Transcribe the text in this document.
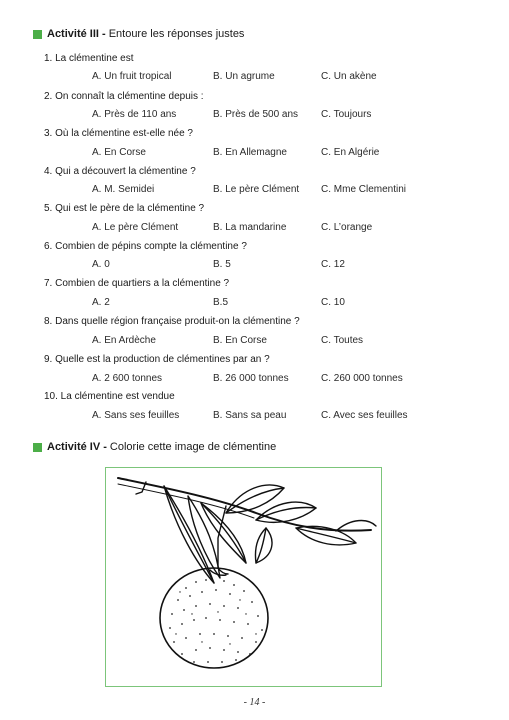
Activité III - Entoure les réponses justes
1. La clémentine est
A. Un fruit tropical	B. Un agrume	C. Un akène
2. On connaît la clémentine depuis :
A. Près de 110 ans	B. Près de 500 ans C. Toujours
3. Où la clémentine est-elle née ?
A. En Corse	B. En Allemagne	C. En Algérie
4. Qui a découvert la clémentine ?
A. M. Semidei	B. Le père Clément C. Mme Clementini
5. Qui est le père de la clémentine ?
A. Le père Clément	B. La mandarine	C. L’orange
6. Combien de pépins compte la clémentine ?
A. 0	B. 5	C. 12
7. Combien de quartiers a la clémentine ?
A. 2	B.5	C. 10
8. Dans quelle région française produit-on la clémentine ?
A. En Ardèche	B. En Corse	C. Toutes
9. Quelle est la production de clémentines par an ?
A. 2 600 tonnes	B. 26 000 tonnes	C. 260 000 tonnes
10. La clémentine est vendue
A. Sans ses feuilles	B. Sans sa peau	C. Avec ses feuilles
Activité IV - Colorie cette image de clémentine
- 14 -
